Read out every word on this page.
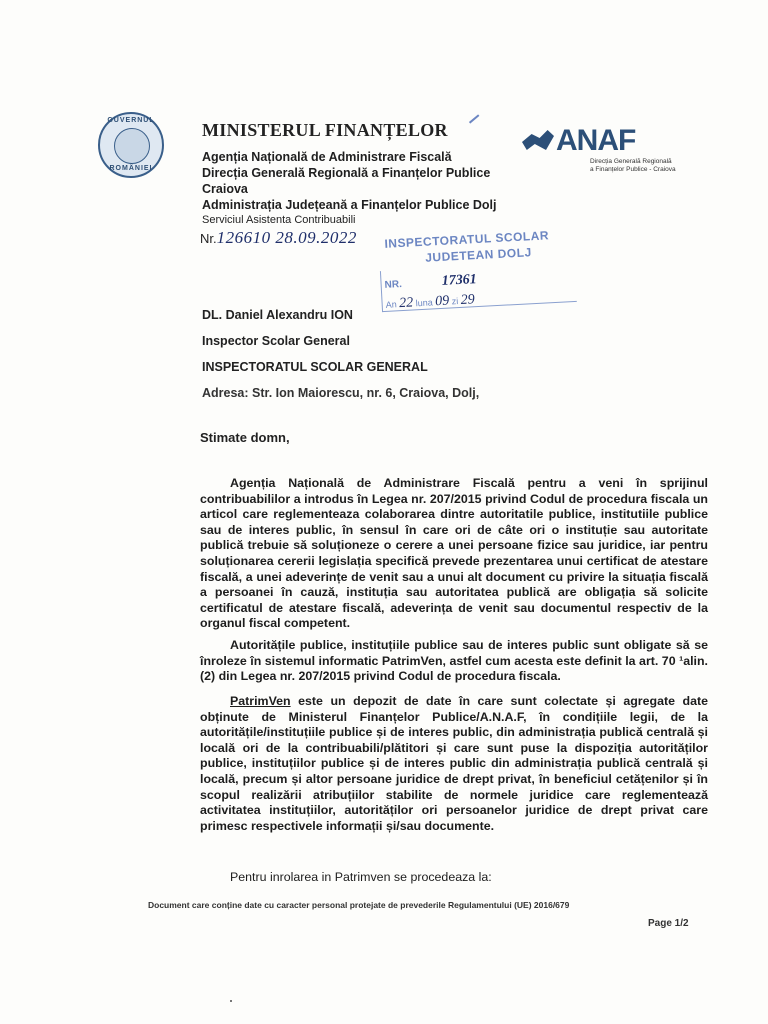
GUVERNUL
ROMÂNIEI
MINISTERUL FINANȚELOR
Agenția Națională de Administrare Fiscală
Direcția Generală Regională a Finanțelor Publice
Craiova
Administrația Județeană a Finanțelor Publice Dolj
Serviciul Asistenta Contribuabili
ANAF
Direcția Generală Regională
a Finanțelor Publice - Craiova
Nr.126610 28.09.2022 INSPECTORATUL SCOLAR
JUDETEAN DOLJ
NR.	17361
An 22 luna 09 zi 29
DL. Daniel Alexandru ION
Inspector Scolar General
INSPECTORATUL SCOLAR GENERAL
Adresa: Str. Ion Maiorescu, nr. 6, Craiova, Dolj,
Stimate domn,
Agenția Națională de Administrare Fiscală pentru a veni în sprijinul contribuabililor a introdus în Legea nr. 207/2015 privind Codul de procedura fiscala un articol care reglementeaza colaborarea dintre autoritatile publice, institutiile publice sau de interes public, în sensul în care ori de câte ori o instituție sau autoritate publică trebuie să soluționeze o cerere a unei persoane fizice sau juridice, iar pentru soluționarea cererii legislația specifică prevede prezentarea unui certificat de atestare fiscală, a unei adeverințe de venit sau a unui alt document cu privire la situația fiscală a persoanei în cauză, instituția sau autoritatea publică are obligația să solicite certificatul de atestare fiscală, adeverința de venit sau documentul respectiv de la organul fiscal competent.
Autoritățile publice, instituțiile publice sau de interes public sunt obligate să se înroleze în sistemul informatic PatrimVen, astfel cum acesta este definit la art. 70 ¹alin. (2) din Legea nr. 207/2015 privind Codul de procedura fiscala.
PatrimVen este un depozit de date în care sunt colectate și agregate date obținute de Ministerul Finanțelor Publice/A.N.A.F, în condițiile legii, de la autoritățile/instituțiile publice și de interes public, din administrația publică centrală și locală ori de la contribuabili/plătitori și care sunt puse la dispoziția autorităților publice, instituțiilor publice și de interes public din administrația publică centrală și locală, precum și altor persoane juridice de drept privat, în beneficiul cetățenilor și în scopul realizării atribuțiilor stabilite de normele juridice care reglementează activitatea instituțiilor, autorităților ori persoanelor juridice de drept privat care primesc respectivele informații și/sau documente.
Pentru inrolarea in Patrimven se procedeaza la:
Document care conține date cu caracter personal protejate de prevederile Regulamentului (UE) 2016/679
Page 1/2
